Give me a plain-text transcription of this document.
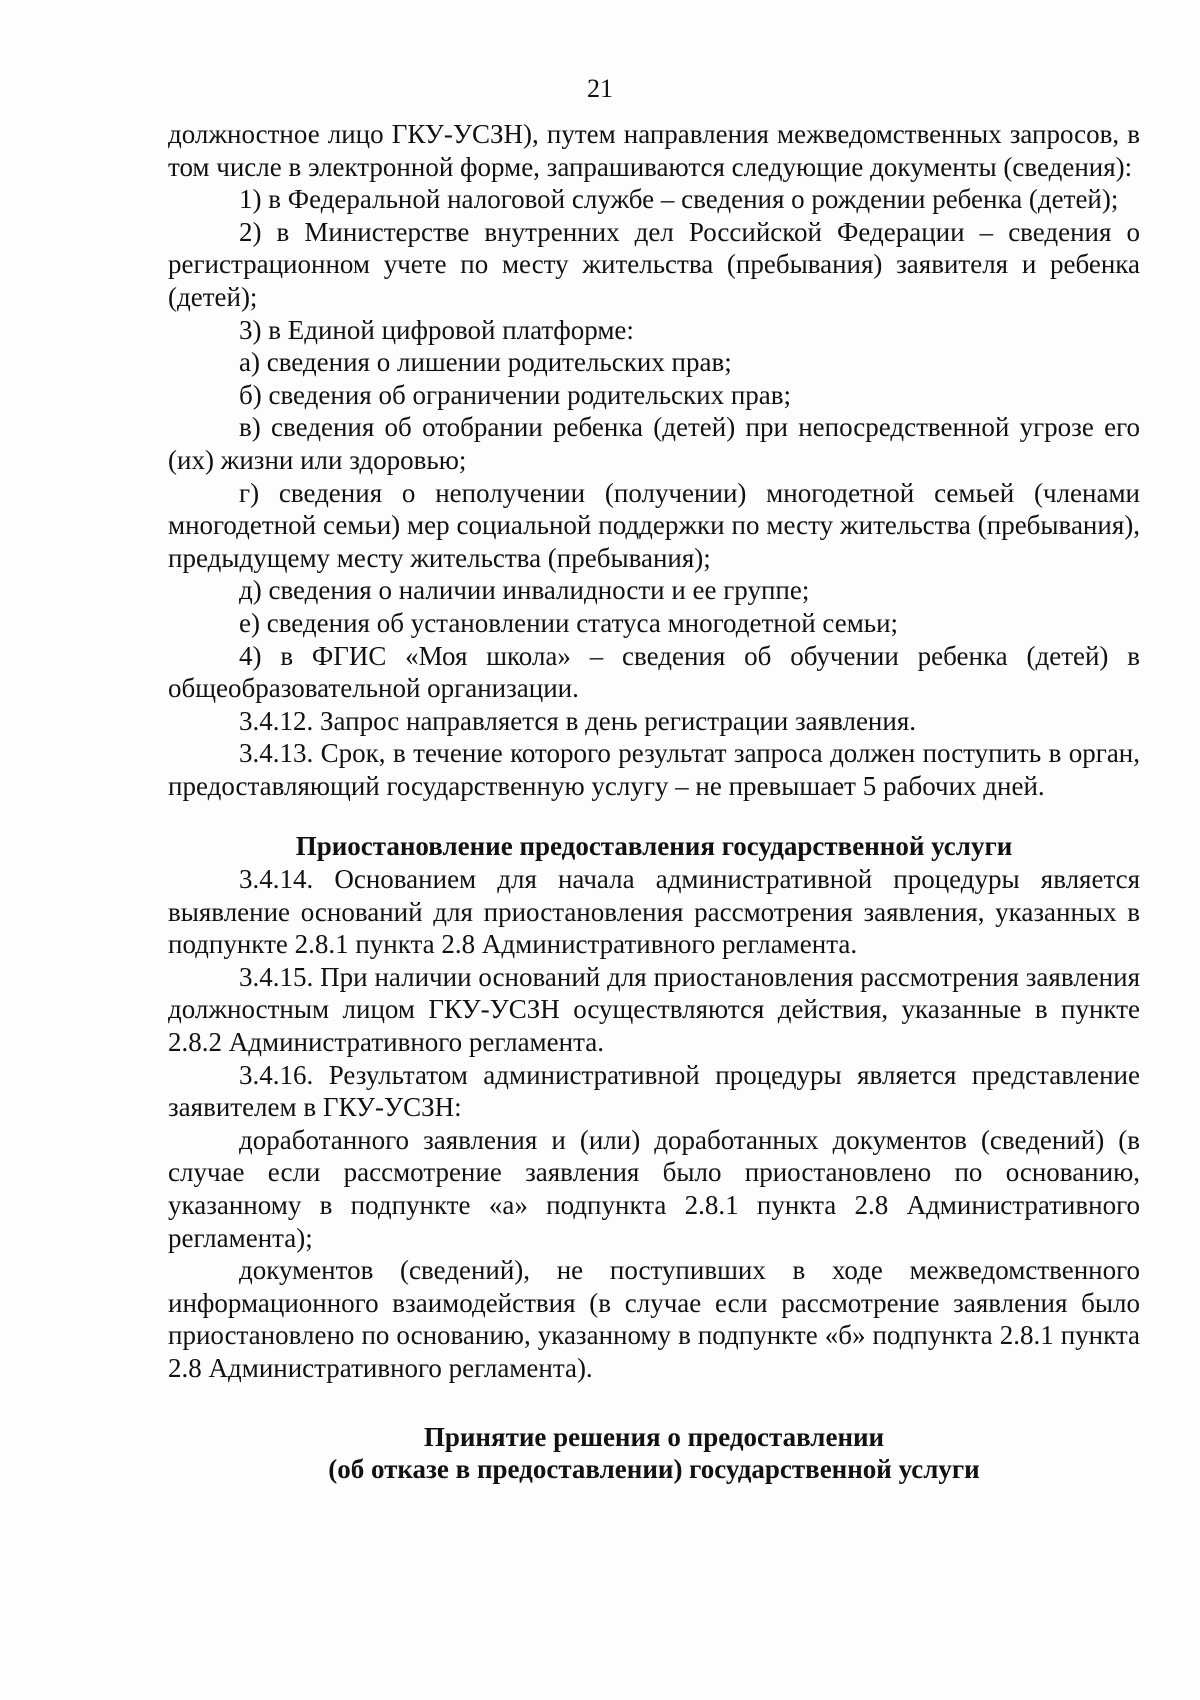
21

должностное лицо ГКУ-УСЗН), путем направления межведомственных запросов, в том числе в электронной форме, запрашиваются следующие документы (сведения):

1) в Федеральной налоговой службе – сведения о рождении ребенка (детей);

2) в Министерстве внутренних дел Российской Федерации – сведения о регистрационном учете по месту жительства (пребывания) заявителя и ребенка (детей);

3) в Единой цифровой платформе:

а) сведения о лишении родительских прав;

б) сведения об ограничении родительских прав;

в) сведения об отобрании ребенка (детей) при непосредственной угрозе его (их) жизни или здоровью;

г) сведения о неполучении (получении) многодетной семьей (членами многодетной семьи) мер социальной поддержки по месту жительства (пребывания), предыдущему месту жительства (пребывания);

д) сведения о наличии инвалидности и ее группе;

е) сведения об установлении статуса многодетной семьи;

4) в ФГИС «Моя школа» – сведения об обучении ребенка (детей) в общеобразовательной организации.

3.4.12. Запрос направляется в день регистрации заявления.

3.4.13. Срок, в течение которого результат запроса должен поступить в орган, предоставляющий государственную услугу – не превышает 5 рабочих дней.

Приостановление предоставления государственной услуги

3.4.14. Основанием для начала административной процедуры является выявление оснований для приостановления рассмотрения заявления, указанных в подпункте 2.8.1 пункта 2.8 Административного регламента.

3.4.15. При наличии оснований для приостановления рассмотрения заявления должностным лицом ГКУ-УСЗН осуществляются действия, указанные в пункте 2.8.2 Административного регламента.

3.4.16. Результатом административной процедуры является представление заявителем в ГКУ-УСЗН:

доработанного заявления и (или) доработанных документов (сведений) (в случае если рассмотрение заявления было приостановлено по основанию, указанному в подпункте «а» подпункта 2.8.1 пункта 2.8 Административного регламента);

документов (сведений), не поступивших в ходе межведомственного информационного взаимодействия (в случае если рассмотрение заявления было приостановлено по основанию, указанному в подпункте «б» подпункта 2.8.1 пункта 2.8 Административного регламента).

Принятие решения о предоставлении

(об отказе в предоставлении) государственной услуги
